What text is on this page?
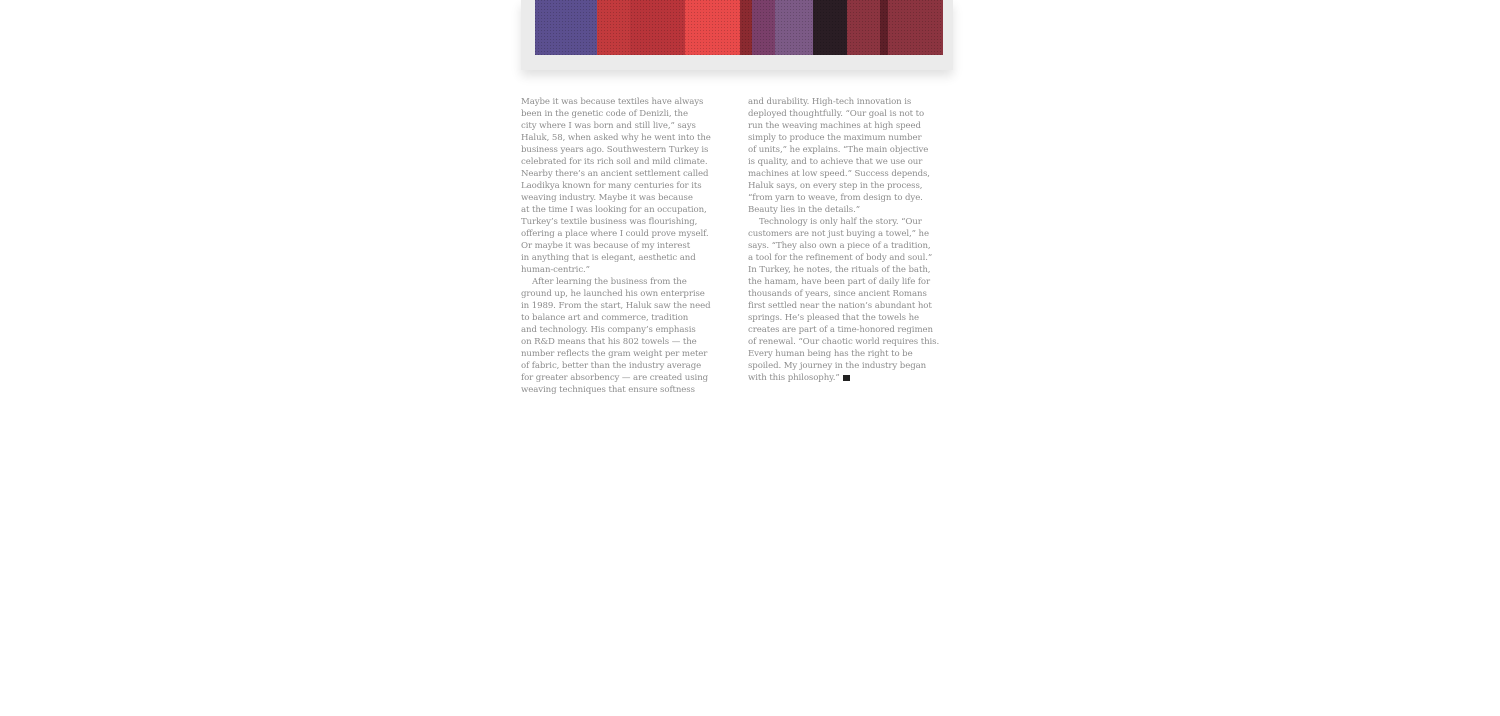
Maybe it was because textiles have always
been in the genetic code of Denizli, the
city where I was born and still live,” says
Haluk, 58, when asked why he went into the
business years ago. Southwestern Turkey is
celebrated for its rich soil and mild climate.
Nearby there’s an ancient settlement called
Laodikya known for many centuries for its
weaving industry. Maybe it was because
at the time I was looking for an occupation,
Turkey’s textile business was flourishing,
offering a place where I could prove myself.
Or maybe it was because of my interest
in anything that is elegant, aesthetic and
human-centric.”
After learning the business from the
ground up, he launched his own enterprise
in 1989. From the start, Haluk saw the need
to balance art and commerce, tradition
and technology. His company’s emphasis
on R&D means that his 802 towels — the
number reflects the gram weight per meter
of fabric, better than the industry average
for greater absorbency — are created using
weaving techniques that ensure softness
and durability. High-tech innovation is
deployed thoughtfully. “Our goal is not to
run the weaving machines at high speed
simply to produce the maximum number
of units,” he explains. “The main objective
is quality, and to achieve that we use our
machines at low speed.” Success depends,
Haluk says, on every step in the process,
“from yarn to weave, from design to dye.
Beauty lies in the details.”
Technology is only half the story. “Our
customers are not just buying a towel,” he
says. “They also own a piece of a tradition,
a tool for the refinement of body and soul.”
In Turkey, he notes, the rituals of the bath,
the hamam, have been part of daily life for
thousands of years, since ancient Romans
first settled near the nation’s abundant hot
springs. He’s pleased that the towels he
creates are part of a time-honored regimen
of renewal. “Our chaotic world requires this.
Every human being has the right to be
spoiled. My journey in the industry began
with this philosophy.”
